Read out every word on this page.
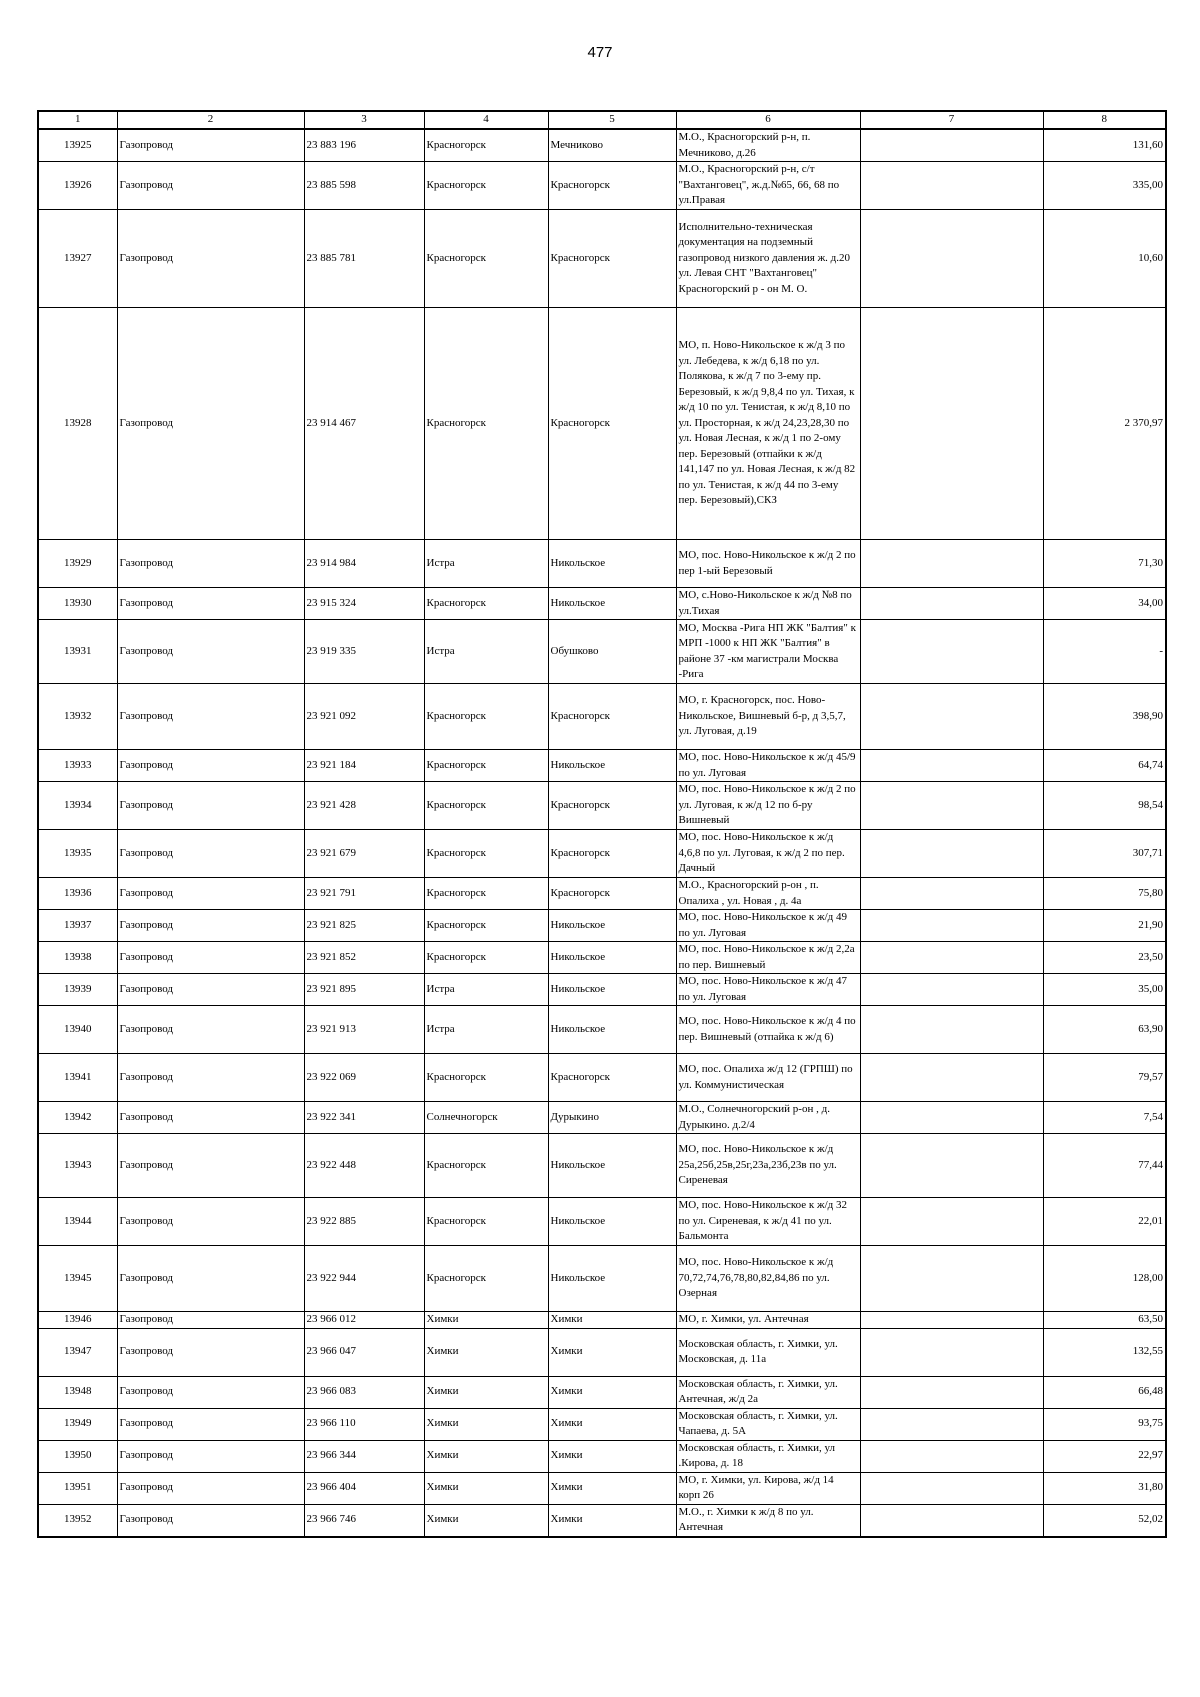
477
1	2	3	4	5	6	7	8
13925	Газопровод	23 883 196	Красногорск	Мечниково	М.О., Красногорский р-н, п. Мечниково, д.26		131,60
13926	Газопровод	23 885 598	Красногорск	Красногорск	М.О., Красногорский р-н, с/т "Вахтанговец", ж.д.№65, 66, 68 по ул.Правая		335,00
13927	Газопровод	23 885 781	Красногорск	Красногорск	Исполнительно-техническая документация на подземный газопровод низкого давления ж. д.20 ул. Левая СНТ "Вахтанговец" Красногорский р - он М. О.		10,60
13928	Газопровод	23 914 467	Красногорск	Красногорск	МО, п. Ново-Никольское к ж/д 3 по ул. Лебедева, к ж/д 6,18 по ул. Полякова, к ж/д 7 по 3-ему пр. Березовый, к ж/д 9,8,4 по ул. Тихая, к ж/д 10 по ул. Тенистая, к ж/д 8,10 по ул. Просторная, к ж/д 24,23,28,30 по ул. Новая Лесная, к ж/д 1 по 2-ому пер. Березовый (отпайки к ж/д 141,147 по ул. Новая Лесная, к ж/д 82 по ул. Тенистая, к ж/д 44 по 3-ему пер. Березовый),СКЗ		2 370,97
13929	Газопровод	23 914 984	Истра	Никольское	МО, пос. Ново-Никольское к ж/д 2 по пер 1-ый Березовый		71,30
13930	Газопровод	23 915 324	Красногорск	Никольское	МО, с.Ново-Никольское к ж/д №8 по ул.Тихая		34,00
13931	Газопровод	23 919 335	Истра	Обушково	МО, Москва -Рига НП ЖК "Балтия" к МРП -1000 к НП ЖК "Балтия" в районе 37 -км магистрали Москва -Рига		-
13932	Газопровод	23 921 092	Красногорск	Красногорск	МО, г. Красногорск, пос. Ново-Никольское, Вишневый б-р, д 3,5,7, ул. Луговая, д.19		398,90
13933	Газопровод	23 921 184	Красногорск	Никольское	МО, пос. Ново-Никольское к ж/д 45/9 по ул. Луговая		64,74
13934	Газопровод	23 921 428	Красногорск	Красногорск	МО, пос. Ново-Никольское к ж/д 2 по ул. Луговая, к ж/д 12 по б-ру Вишневый		98,54
13935	Газопровод	23 921 679	Красногорск	Красногорск	МО, пос. Ново-Никольское к ж/д 4,6,8 по ул. Луговая, к ж/д 2 по пер. Дачный		307,71
13936	Газопровод	23 921 791	Красногорск	Красногорск	М.О., Красногорский р-он , п. Опалиха , ул. Новая , д. 4а		75,80
13937	Газопровод	23 921 825	Красногорск	Никольское	МО, пос. Ново-Никольское к ж/д 49 по ул. Луговая		21,90
13938	Газопровод	23 921 852	Красногорск	Никольское	МО, пос. Ново-Никольское к ж/д 2,2а по пер. Вишневый		23,50
13939	Газопровод	23 921 895	Истра	Никольское	МО, пос. Ново-Никольское к ж/д 47 по ул. Луговая		35,00
13940	Газопровод	23 921 913	Истра	Никольское	МО, пос. Ново-Никольское к ж/д 4 по пер. Вишневый (отпайка к ж/д 6)		63,90
13941	Газопровод	23 922 069	Красногорск	Красногорск	МО, пос. Опалиха ж/д 12 (ГРПШ) по ул. Коммунистическая		79,57
13942	Газопровод	23 922 341	Солнечногорск	Дурыкино	М.О., Солнечногорский р-он , д. Дурыкино. д.2/4		7,54
13943	Газопровод	23 922 448	Красногорск	Никольское	МО, пос. Ново-Никольское к ж/д 25а,25б,25в,25г,23а,23б,23в по ул. Сиреневая		77,44
13944	Газопровод	23 922 885	Красногорск	Никольское	МО, пос. Ново-Никольское к ж/д 32 по ул. Сиреневая, к ж/д 41 по ул. Бальмонта		22,01
13945	Газопровод	23 922 944	Красногорск	Никольское	МО, пос. Ново-Никольское к ж/д 70,72,74,76,78,80,82,84,86 по ул. Озерная		128,00
13946	Газопровод	23 966 012	Химки	Химки	МО, г. Химки, ул. Антечная		63,50
13947	Газопровод	23 966 047	Химки	Химки	Московская область, г. Химки, ул. Московская, д. 11а		132,55
13948	Газопровод	23 966 083	Химки	Химки	Московская область, г. Химки, ул. Антечная, ж/д 2а		66,48
13949	Газопровод	23 966 110	Химки	Химки	Московская область, г. Химки, ул. Чапаева, д. 5А		93,75
13950	Газопровод	23 966 344	Химки	Химки	Московская область, г. Химки, ул .Кирова, д. 18		22,97
13951	Газопровод	23 966 404	Химки	Химки	МО, г. Химки, ул. Кирова, ж/д 14 корп 26		31,80
13952	Газопровод	23 966 746	Химки	Химки	М.О., г. Химки к ж/д 8 по ул. Антечная		52,02
